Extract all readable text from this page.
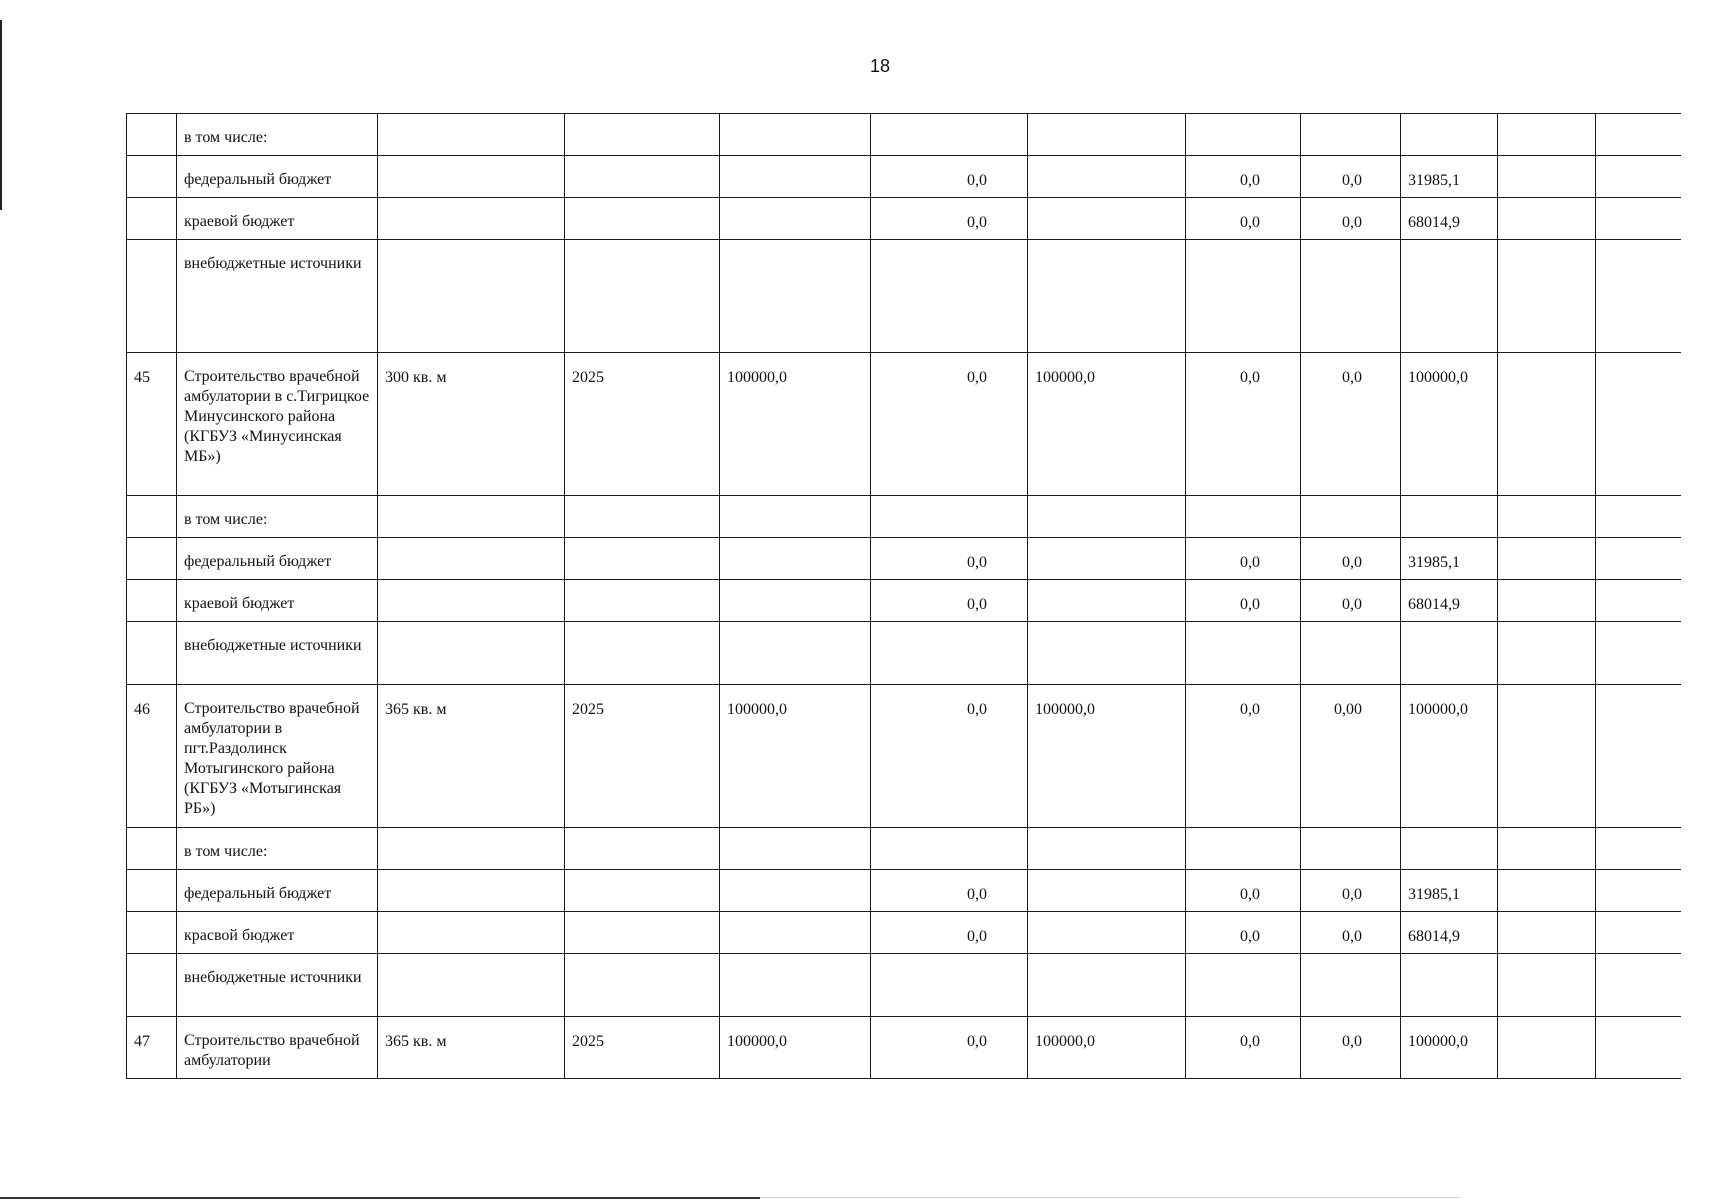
18
	в том числе:										
	федеральный бюджет				0,0		0,0	0,0	31985,1		
	краевой бюджет				0,0		0,0	0,0	68014,9		
	внебюджетные источники										
45	Строительство врачебной амбулатории в с.Тигрицкое Минусинского района (КГБУЗ «Минусинская МБ»)	300 кв. м	2025	100000,0	0,0	100000,0	0,0	0,0	100000,0		
	в том числе:										
	федеральный бюджет				0,0		0,0	0,0	31985,1		
	краевой бюджет				0,0		0,0	0,0	68014,9		
	внебюджетные источники										
46	Строительство врачебной амбулатории в пгт.Раздолинск Мотыгинского района (КГБУЗ «Мотыгинская РБ»)	365 кв. м	2025	100000,0	0,0	100000,0	0,0	0,00	100000,0		
	в том числе:										
	федеральный бюджет				0,0		0,0	0,0	31985,1		
	красвой бюджет				0,0		0,0	0,0	68014,9		
	внебюджетные источники										
47	Строительство врачебной амбулатории	365 кв. м	2025	100000,0	0,0	100000,0	0,0	0,0	100000,0		
